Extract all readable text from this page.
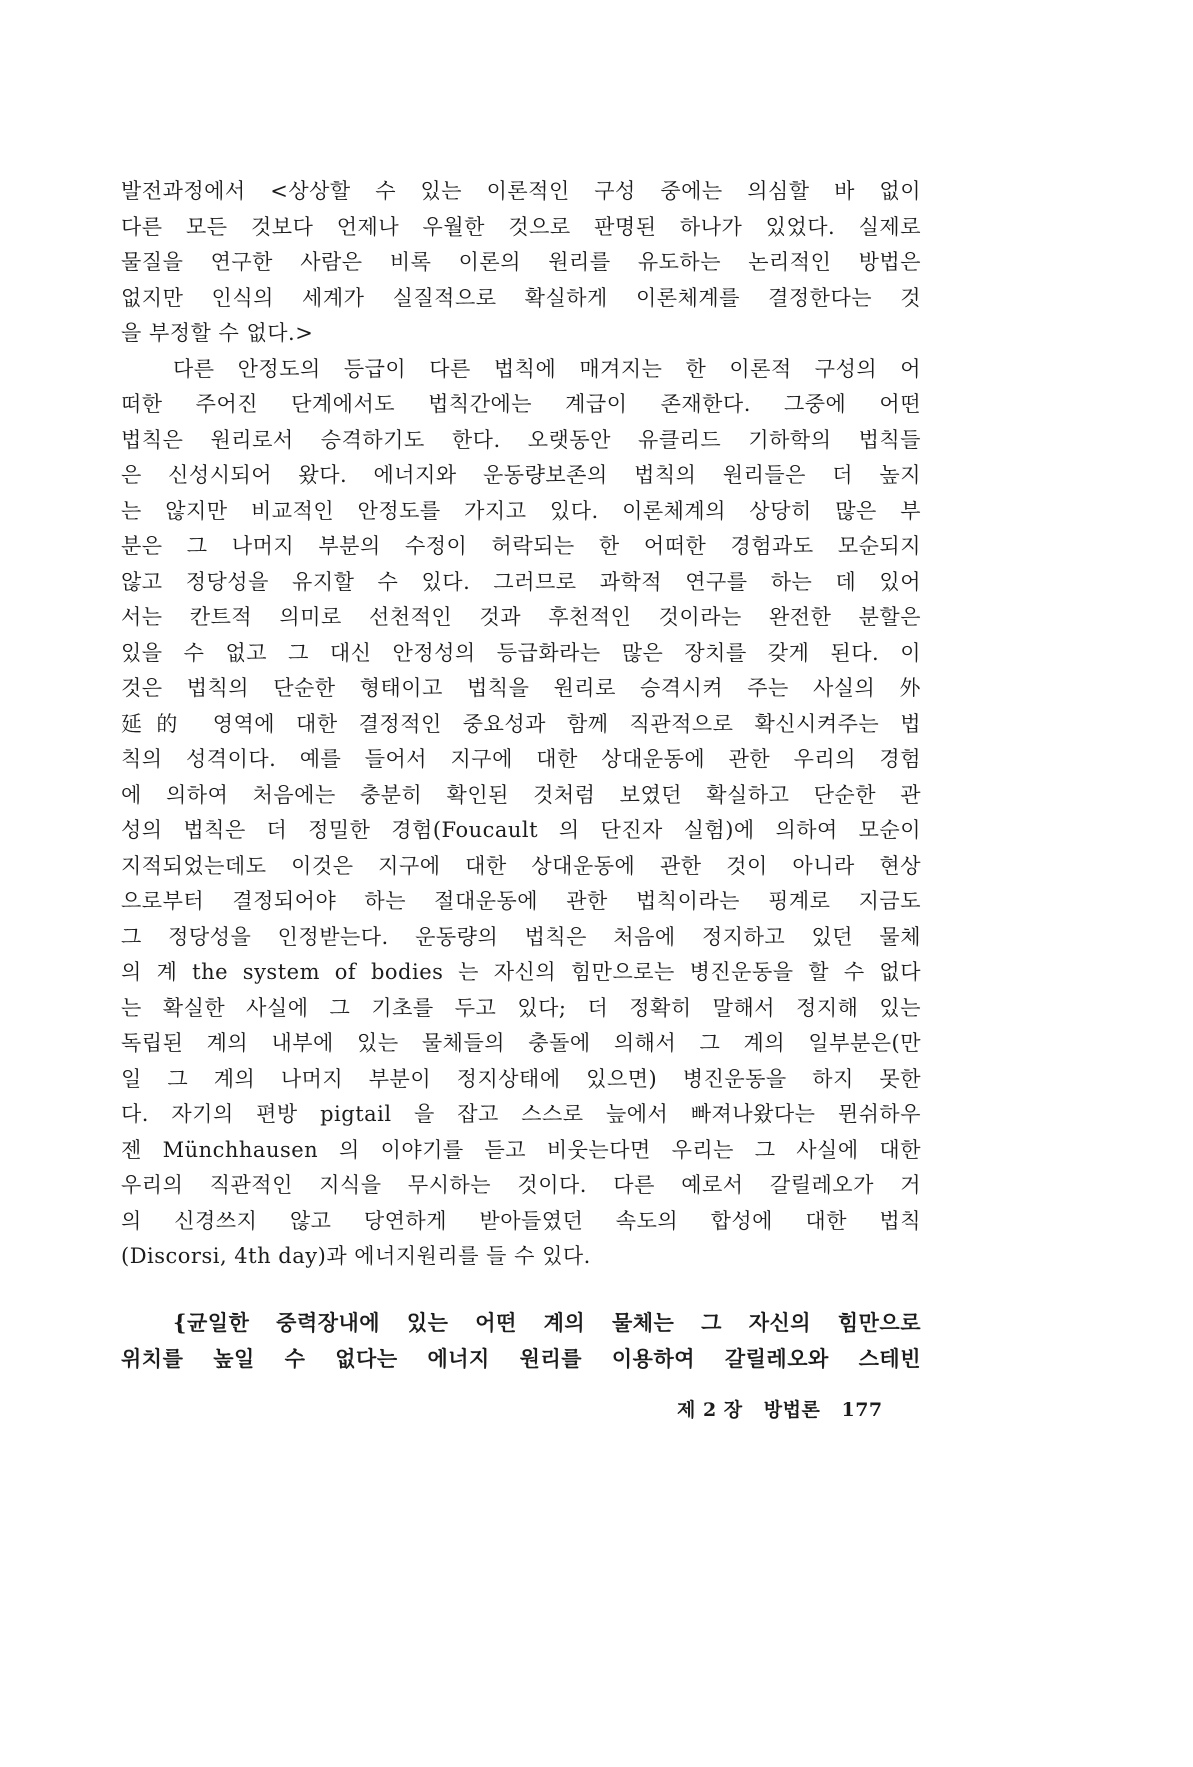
발전과정에서 <상상할 수 있는 이론적인 구성 중에는 의심할 바 없이
다른 모든 것보다 언제나 우월한 것으로 판명된 하나가 있었다. 실제로
물질을 연구한 사람은 비록 이론의 원리를 유도하는 논리적인 방법은
없지만 인식의 세계가 실질적으로 확실하게 이론체계를 결정한다는 것
을 부정할 수 없다.>
다른 안정도의 등급이 다른 법칙에 매겨지는 한 이론적 구성의 어
떠한 주어진 단계에서도 법칙간에는 계급이 존재한다. 그중에 어떤
법칙은 원리로서 승격하기도 한다. 오랫동안 유클리드 기하학의 법칙들
은 신성시되어 왔다. 에너지와 운동량보존의 법칙의 원리들은 더 높지
는 않지만 비교적인 안정도를 가지고 있다. 이론체계의 상당히 많은 부
분은 그 나머지 부분의 수정이 허락되는 한 어떠한 경험과도 모순되지
않고 정당성을 유지할 수 있다. 그러므로 과학적 연구를 하는 데 있어
서는 칸트적 의미로 선천적인 것과 후천적인 것이라는 완전한 분할은
있을 수 없고 그 대신 안정성의 등급화라는 많은 장치를 갖게 된다. 이
것은 법칙의 단순한 형태이고 법칙을 원리로 승격시켜 주는 사실의 外
延的 영역에 대한 결정적인 중요성과 함께 직관적으로 확신시켜주는 법
칙의 성격이다. 예를 들어서 지구에 대한 상대운동에 관한 우리의 경험
에 의하여 처음에는 충분히 확인된 것처럼 보였던 확실하고 단순한 관
성의 법칙은 더 정밀한 경험(Foucault 의 단진자 실험)에 의하여 모순이
지적되었는데도 이것은 지구에 대한 상대운동에 관한 것이 아니라 현상
으로부터 결정되어야 하는 절대운동에 관한 법칙이라는 핑계로 지금도
그 정당성을 인정받는다. 운동량의 법칙은 처음에 정지하고 있던 물체
의 계 the system of bodies 는 자신의 힘만으로는 병진운동을 할 수 없다
는 확실한 사실에 그 기초를 두고 있다; 더 정확히 말해서 정지해 있는
독립된 계의 내부에 있는 물체들의 충돌에 의해서 그 계의 일부분은(만
일 그 계의 나머지 부분이 정지상태에 있으면) 병진운동을 하지 못한
다. 자기의 편방 pigtail 을 잡고 스스로 늪에서 빠져나왔다는 뮌쉬하우
젠 Münchhausen 의 이야기를 듣고 비웃는다면 우리는 그 사실에 대한
우리의 직관적인 지식을 무시하는 것이다. 다른 예로서 갈릴레오가 거
의 신경쓰지 않고 당연하게 받아들였던 속도의 합성에 대한 법칙
(Discorsi, 4th day)과 에너지원리를 들 수 있다.
{균일한 중력장내에 있는 어떤 계의 물체는 그 자신의 힘만으로
위치를 높일 수 없다는 에너지 원리를 이용하여 갈릴레오와 스테빈
제 2 장 방법론 177
